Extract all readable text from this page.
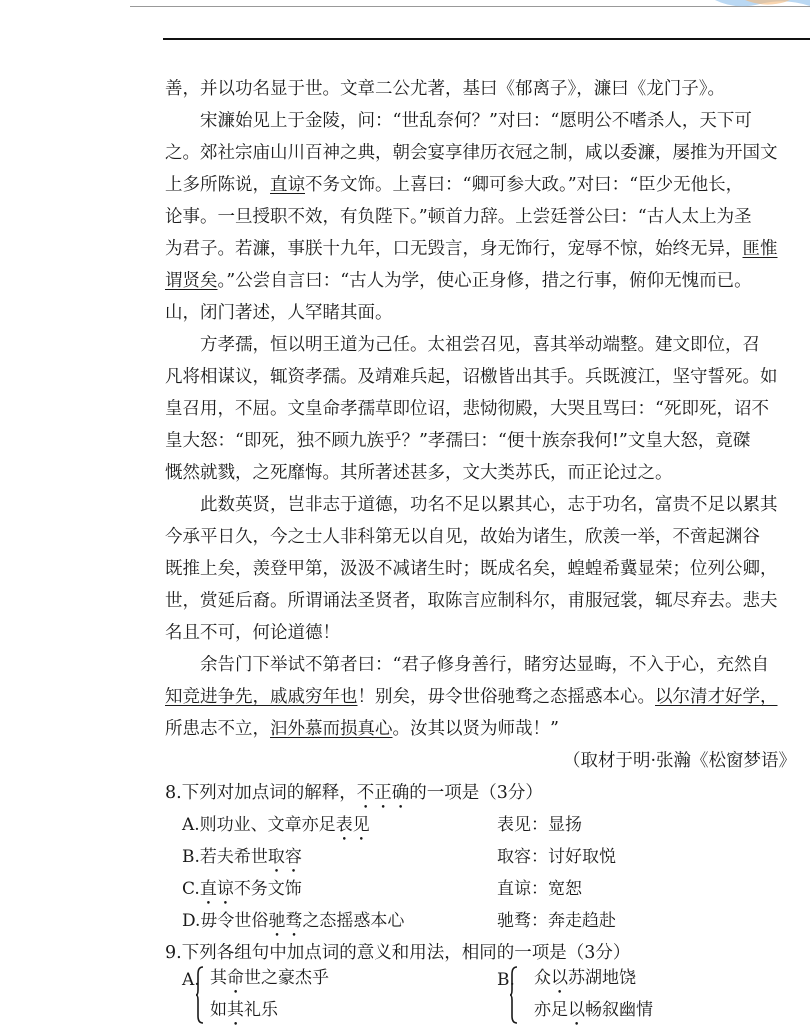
善，并以功名显于世。文章二公尤著，基曰《郁离子》，濂曰《龙门子》。
宋濂始见上于金陵，问：“世乱奈何？”对曰：“愿明公不嗜杀人，天下可
之。郊社宗庙山川百神之典，朝会宴享律历衣冠之制，咸以委濂，屡推为开国文
上多所陈说，直谅不务文饰。上喜曰：“卿可参大政。”对曰：“臣少无他长，
论事。一旦授职不效，有负陛下。”顿首力辞。上尝廷誉公曰：“古人太上为圣
为君子。若濂，事朕十九年，口无毁言，身无饰行，宠辱不惊，始终无异，匪惟
谓贤矣。”公尝自言曰：“古人为学，使心正身修，措之行事，俯仰无愧而已。
山，闭门著述，人罕睹其面。
方孝孺，恒以明王道为己任。太祖尝召见，喜其举动端整。建文即位，召
凡将相谋议，辄资孝孺。及靖难兵起，诏檄皆出其手。兵既渡江，坚守誓死。如
皇召用，不屈。文皇命孝孺草即位诏，悲恸彻殿，大哭且骂曰：“死即死，诏不
皇大怒：“即死，独不顾九族乎？”孝孺曰：“便十族奈我何!”文皇大怒，竟磔
慨然就戮，之死靡悔。其所著述甚多，文大类苏氏，而正论过之。
此数英贤，岂非志于道德，功名不足以累其心，志于功名，富贵不足以累其
今承平日久，今之士人非科第无以自见，故始为诸生，欣羡一举，不啻起渊谷
既推上矣，羡登甲第，汲汲不减诸生时；既成名矣，蝗蝗希冀显荣；位列公卿，
世，赏延后裔。所谓诵法圣贤者，取陈言应制科尔，甫服冠裳，辄尽弃去。悲夫
名且不可，何论道德！
余告门下举试不第者曰：“君子修身善行，睹穷达显晦，不入于心，充然自
知竞进争先，戚戚穷年也！别矣，毋令世俗驰骛之态摇惑本心。以尔清才好学，
所患志不立，汩外慕而损真心。汝其以贤为师哉！”
（取材于明·张瀚《松窗梦语》
8.下列对加点词的解释，不正确的一项是（3分）
A.则功业、文章亦足表见	表见：显扬
B.若夫希世取容	取容：讨好取悦
C.直谅不务文饰	直谅：宽恕
D.毋令世俗驰骛之态摇惑本心	驰骛：奔走趋赴
9.下列各组句中加点词的意义和用法，相同的一项是（3分）
A. 其命世之豪杰乎
如其礼乐
B. 众以苏湖地饶
亦足以畅叙幽情
